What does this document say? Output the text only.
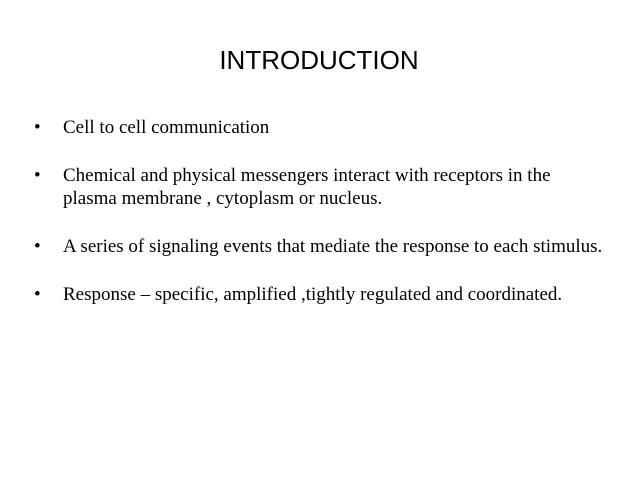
INTRODUCTION
•	Cell to cell communication
•	Chemical and physical messengers interact with receptors in the plasma membrane , cytoplasm or nucleus.
•	A series of signaling events that mediate the response to each stimulus.
•	Response – specific, amplified ,tightly regulated and coordinated.
